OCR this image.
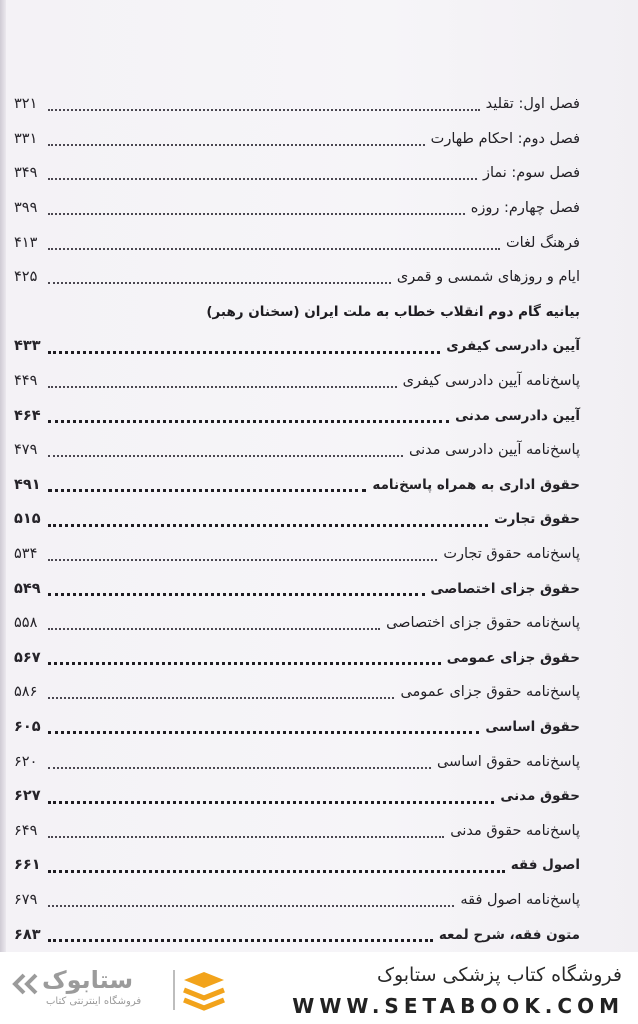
فصل اول: تقلید
۳۲۱
فصل دوم: احکام طهارت
۳۳۱
فصل سوم: نماز
۳۴۹
فصل چهارم: روزه
۳۹۹
فرهنگ لغات
۴۱۳
ایام و روزهای شمسی و قمری
۴۲۵
بیانیه گام دوم انقلاب خطاب به ملت ایران (سخنان رهبر)
آیین دادرسی کیفری
۴۳۳
پاسخ‌نامه آیین دادرسی کیفری
۴۴۹
آیین دادرسی مدنی
۴۶۴
پاسخ‌نامه آیین دادرسی مدنی
۴۷۹
حقوق اداری به همراه پاسخ‌نامه
۴۹۱
حقوق تجارت
۵۱۵
پاسخ‌نامه حقوق تجارت
۵۳۴
حقوق جزای اختصاصی
۵۴۹
پاسخ‌نامه حقوق جزای اختصاصی
۵۵۸
حقوق جزای عمومی
۵۶۷
پاسخ‌نامه حقوق جزای عمومی
۵۸۶
حقوق اساسی
۶۰۵
پاسخ‌نامه حقوق اساسی
۶۲۰
حقوق مدنی
۶۲۷
پاسخ‌نامه حقوق مدنی
۶۴۹
اصول فقه
۶۶۱
پاسخ‌نامه اصول فقه
۶۷۹
متون فقه، شرح لمعه
۶۸۳
ستابوک
فروشگاه اینترنتی کتاب
فروشگاه کتاب پزشکی ستابوک
WWW.SETABOOK.COM
